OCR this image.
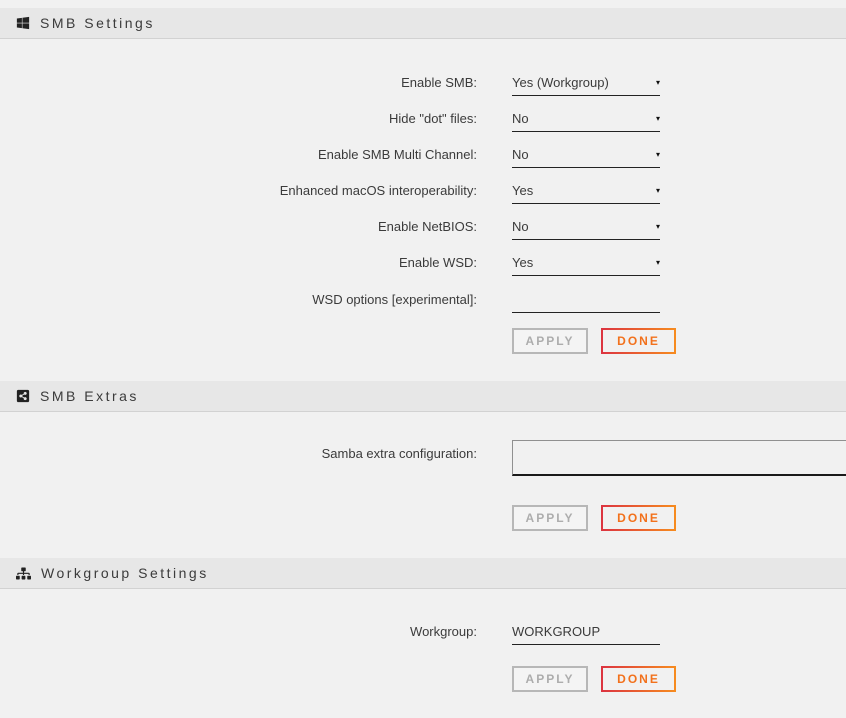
SMB Settings
Enable SMB:	Yes (Workgroup)	▾
Hide "dot" files:	No	▾
Enable SMB Multi Channel:	No	▾
Enhanced macOS interoperability:	Yes	▾
Enable NetBIOS:	No	▾
Enable WSD:	Yes	▾
WSD options [experimental]:
APPLY	DONE
SMB Extras
Samba extra configuration:
APPLY	DONE
Workgroup Settings
Workgroup:
WORKGROUP
APPLY	DONE
